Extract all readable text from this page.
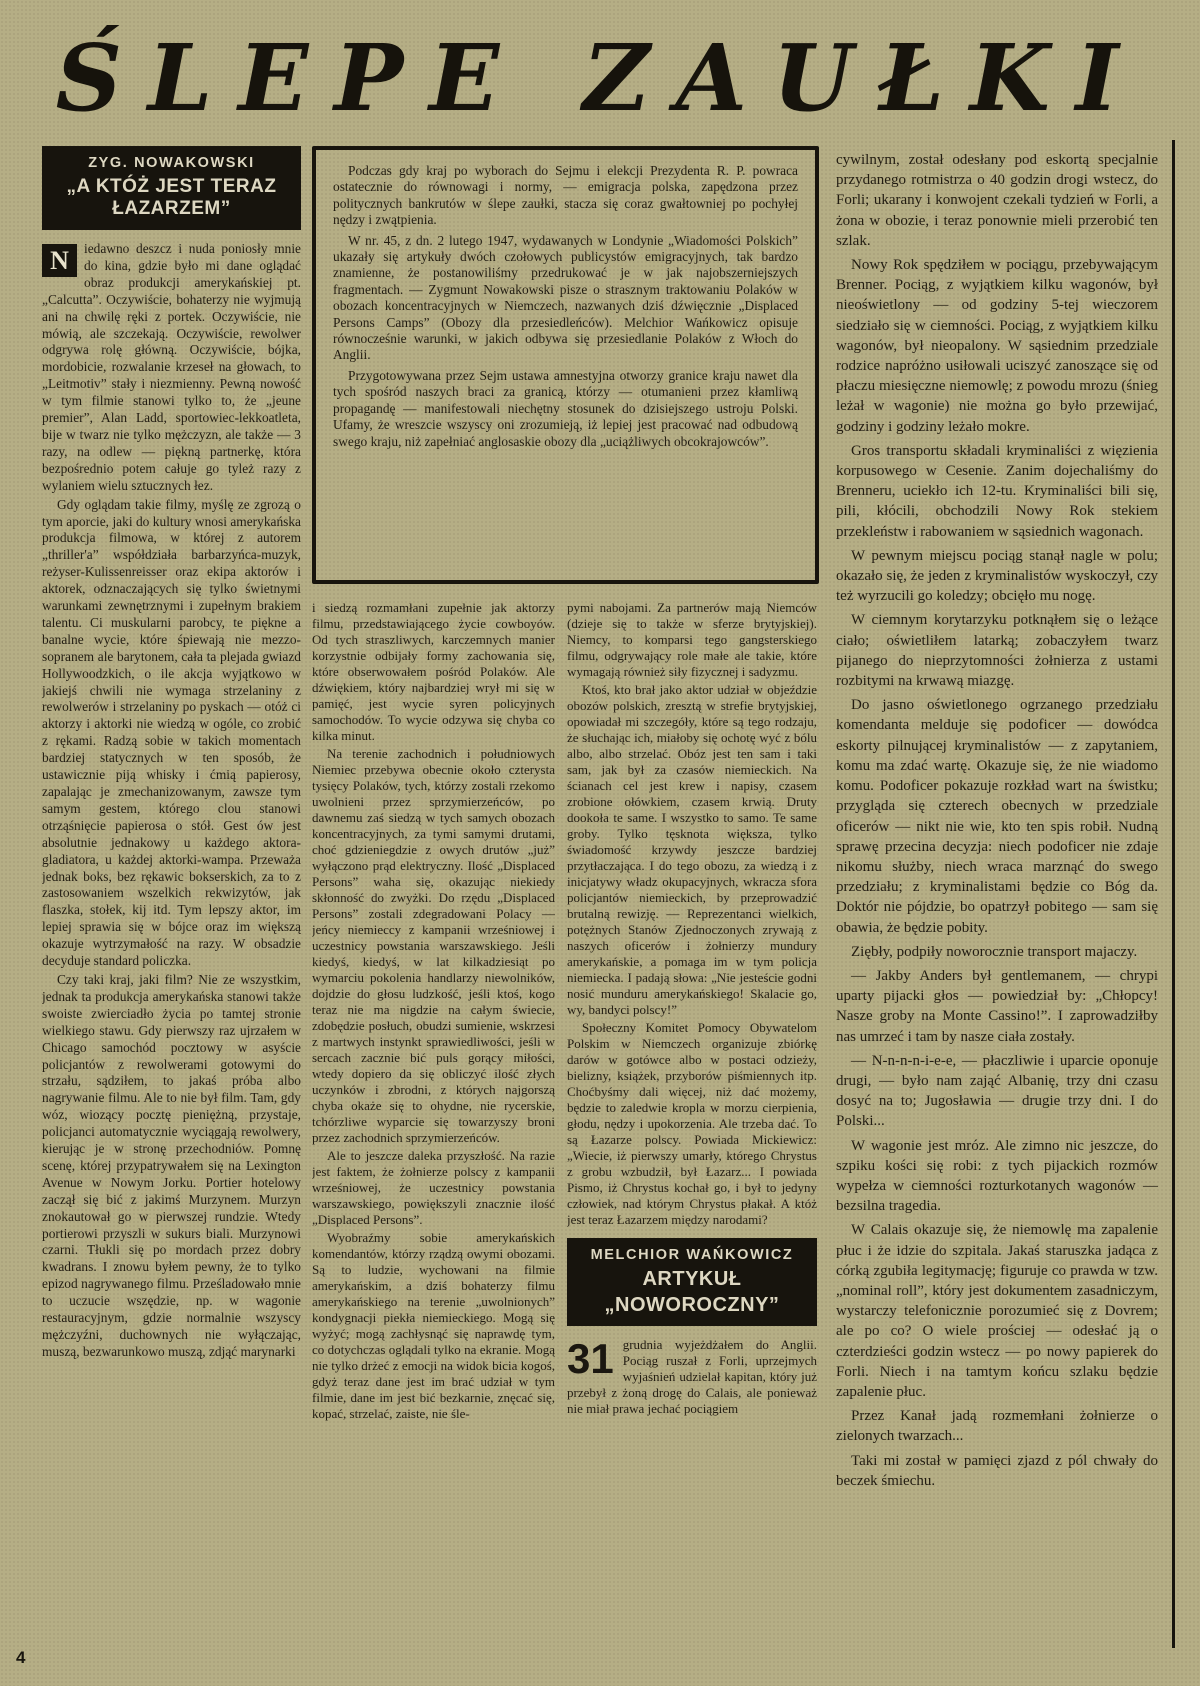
ŚLEPE ZAUŁKI
ZYG. NOWAKOWSKI
„A KTÓŻ JEST TERAZ ŁAZARZEM”
N	iedawno deszcz i nuda poniosły mnie do kina, gdzie było mi dane oglądać obraz produkcji amerykańskiej pt. „Calcutta”. Oczywiście, bohaterzy nie wyjmują ani na chwilę ręki z portek. Oczywiście, nie mówią, ale szczekają. Oczywiście, rewolwer odgrywa rolę główną. Oczywiście, bójka, mordobicie, rozwalanie krzeseł na głowach, to „Leitmotiv” stały i niezmienny. Pewną nowość w tym filmie stanowi tylko to, że „jeune premier”, Alan Ladd, sportowiec-lekkoatleta, bije w twarz nie tylko mężczyzn, ale także — 3 razy, na odlew — piękną partnerkę, która bezpośrednio potem całuje go tyleż razy z wylaniem wielu sztucznych łez.

Gdy oglądam takie filmy, myślę ze zgrozą o tym aporcie, jaki do kultury wnosi amerykańska produkcja filmowa, w której z autorem „thriller'a” współdziała barbarzyńca-muzyk, reżyser-Kulissenreisser oraz ekipa aktorów i aktorek, odznaczających się tylko świetnymi warunkami zewnętrznymi i zupełnym brakiem talentu. Ci muskularni parobcy, te piękne a banalne wycie, które śpiewają nie mezzo-sopranem ale barytonem, cała ta plejada gwiazd Hollywoodzkich, o ile akcja wyjątkowo w jakiejś chwili nie wymaga strzelaniny z rewolwerów i strzelaniny po pyskach — otóż ci aktorzy i aktorki nie wiedzą w ogóle, co zrobić z rękami. Radzą sobie w takich momentach bardziej statycznych w ten sposób, że ustawicznie piją whisky i ćmią papierosy, zapalając je zmechanizowanym, zawsze tym samym gestem, którego clou stanowi otrząśnięcie papierosa o stół. Gest ów jest absolutnie jednakowy u każdego aktora-gladiatora, u każdej aktorki-wampa. Przeważa jednak boks, bez rękawic bokserskich, za to z zastosowaniem wszelkich rekwizytów, jak flaszka, stołek, kij itd. Tym lepszy aktor, im lepiej sprawia się w bójce oraz im większą okazuje wytrzymałość na razy. W obsadzie decyduje standard policzka.

Czy taki kraj, jaki film? Nie ze wszystkim, jednak ta produkcja amerykańska stanowi także swoiste zwierciadło życia po tamtej stronie wielkiego stawu. Gdy pierwszy raz ujrzałem w Chicago samochód pocztowy w asyście policjantów z rewolwerami gotowymi do strzału, sądziłem, to jakaś próba albo nagrywanie filmu. Ale to nie był film. Tam, gdy wóz, wiozący pocztę pieniężną, przystaje, policjanci automatycznie wyciągają rewolwery, kierując je w stronę przechodniów. Pomnę scenę, której przypatrywałem się na Lexington Avenue w Nowym Jorku. Portier hotelowy zaczął się bić z jakimś Murzynem. Murzyn znokautował go w pierwszej rundzie. Wtedy portierowi przyszli w sukurs biali. Murzynowi czarni. Tłukli się po mordach przez dobry kwadrans. I znowu byłem pewny, że to tylko epizod nagrywanego filmu. Prześladowało mnie to uczucie wszędzie, np. w wagonie restauracyjnym, gdzie normalnie wszyscy mężczyźni, duchownych nie wyłączając, muszą, bezwarunkowo muszą, zdjąć marynarki

Podczas gdy kraj po wyborach do Sejmu i elekcji Prezydenta R. P. powraca ostatecznie do równowagi i normy, — emigracja polska, zapędzona przez politycznych bankrutów w ślepe zaułki, stacza się coraz gwałtowniej po pochyłej nędzy i zwątpienia.

W nr. 45, z dn. 2 lutego 1947, wydawanych w Londynie „Wiadomości Polskich” ukazały się artykuły dwóch czołowych publicystów emigracyjnych, tak bardzo znamienne, że postanowiliśmy przedrukować je w jak najobszerniejszych fragmentach. — Zygmunt Nowakowski pisze o strasznym traktowaniu Polaków w obozach koncentracyjnych w Niemczech, nazwanych dziś dźwięcznie „Displaced Persons Camps” (Obozy dla przesiedleńców). Melchior Wańkowicz opisuje równocześnie warunki, w jakich odbywa się przesiedlanie Polaków z Włoch do Anglii.

Przygotowywana przez Sejm ustawa amnestyjna otworzy granice kraju nawet dla tych spośród naszych braci za granicą, którzy — otumanieni przez kłamliwą propagandę — manifestowali niechętny stosunek do dzisiejszego ustroju Polski. Ufamy, że wreszcie wszyscy oni zrozumieją, iż lepiej jest pracować nad odbudową swego kraju, niż zapełniać anglosaskie obozy dla „uciążliwych obcokrajowców”.

i siedzą rozmamłani zupełnie jak aktorzy filmu, przedstawiającego życie cowboyów. Od tych straszliwych, karczemnych manier korzystnie odbijały formy zachowania się, które obserwowałem pośród Polaków. Ale dźwiękiem, który najbardziej wrył mi się w pamięć, jest wycie syren policyjnych samochodów. To wycie odzywa się chyba co kilka minut.

Na terenie zachodnich i południowych Niemiec przebywa obecnie około czterysta tysięcy Polaków, tych, którzy zostali rzekomo uwolnieni przez sprzymierzeńców, po dawnemu zaś siedzą w tych samych obozach koncentracyjnych, za tymi samymi drutami, choć gdzieniegdzie z owych drutów „już” wyłączono prąd elektryczny. Ilość „Displaced Persons” waha się, okazując niekiedy skłonność do zwyżki. Do rzędu „Displaced Persons” zostali zdegradowani Polacy — jeńcy niemieccy z kampanii wrześniowej i uczestnicy powstania warszawskiego. Jeśli kiedyś, kiedyś, w lat kilkadziesiąt po wymarciu pokolenia handlarzy niewolników, dojdzie do głosu ludzkość, jeśli ktoś, kogo teraz nie ma nigdzie na całym świecie, zdobędzie posłuch, obudzi sumienie, wskrzesi z martwych instynkt sprawiedliwości, jeśli w sercach zacznie bić puls gorący miłości, wtedy dopiero da się obliczyć ilość złych uczynków i zbrodni, z których najgorszą chyba okaże się to ohydne, nie rycerskie, tchórzliwe wyparcie się towarzyszy broni przez zachodnich sprzymierzeńców.

Ale to jeszcze daleka przyszłość. Na razie jest faktem, że żołnierze polscy z kampanii wrześniowej, że uczestnicy powstania warszawskiego, powiększyli znacznie ilość „Displaced Persons”.

Wyobraźmy sobie amerykańskich komendantów, którzy rządzą owymi obozami. Są to ludzie, wychowani na filmie amerykańskim, a dziś bohaterzy filmu amerykańskiego na terenie „uwolnionych” kondygnacji piekła niemieckiego. Mogą się wyżyć; mogą zachłysnąć się naprawdę tym, co dotychczas oglądali tylko na ekranie. Mogą nie tylko drżeć z emocji na widok bicia kogoś, gdyż teraz dane jest im brać udział w tym filmie, dane im jest bić bezkarnie, znęcać się, kopać, strzelać, zaiste, nie śle-

pymi nabojami. Za partnerów mają Niemców (dzieje się to także w sferze brytyjskiej). Niemcy, to komparsi tego gangsterskiego filmu, odgrywający role małe ale takie, które wymagają również siły fizycznej i sadyzmu.

Ktoś, kto brał jako aktor udział w objeździe obozów polskich, zresztą w strefie brytyjskiej, opowiadał mi szczegóły, które są tego rodzaju, że słuchając ich, miałoby się ochotę wyć z bólu albo, albo strzelać. Obóz jest ten sam i taki sam, jak był za czasów niemieckich. Na ścianach cel jest krew i napisy, czasem zrobione ołówkiem, czasem krwią. Druty dookoła te same. I wszystko to samo. Te same groby. Tylko tęsknota większa, tylko świadomość krzywdy jeszcze bardziej przytłaczająca. I do tego obozu, za wiedzą i z inicjatywy władz okupacyjnych, wkracza sfora policjantów niemieckich, by przeprowadzić brutalną rewizję. — Reprezentanci wielkich, potężnych Stanów Zjednoczonych zrywają z naszych oficerów i żołnierzy mundury amerykańskie, a pomaga im w tym policja niemiecka. I padają słowa: „Nie jesteście godni nosić munduru amerykańskiego! Skalacie go, wy, bandyci polscy!”

Społeczny Komitet Pomocy Obywatelom Polskim w Niemczech organizuje zbiórkę darów w gotówce albo w postaci odzieży, bielizny, książek, przyborów piśmiennych itp. Choćbyśmy dali więcej, niż dać możemy, będzie to zaledwie kropla w morzu cierpienia, głodu, nędzy i upokorzenia. Ale trzeba dać. To są Łazarze polscy. Powiada Mickiewicz: „Wiecie, iż pierwszy umarły, którego Chrystus z grobu wzbudził, był Łazarz... I powiada Pismo, iż Chrystus kochał go, i był to jedyny człowiek, nad którym Chrystus płakał. A któż jest teraz Łazarzem między narodami?

MELCHIOR WAŃKOWICZ
ARTYKUŁ
„NOWOROCZNY”
31 grudnia wyjeżdżałem do Anglii. Pociąg ruszał z Forli, uprzejmych wyjaśnień udzielał kapitan, który już przebył z żoną drogę do Calais, ale ponieważ nie miał prawa jechać pociągiem

cywilnym, został odesłany pod eskortą specjalnie przydanego rotmistrza o 40 godzin drogi wstecz, do Forli; ukarany i konwojent czekali tydzień w Forli, a żona w obozie, i teraz ponownie mieli przerobić ten szlak.

Nowy Rok spędziłem w pociągu, przebywającym Brenner. Pociąg, z wyjątkiem kilku wagonów, był nieoświetlony — od godziny 5-tej wieczorem siedziało się w ciemności. Pociąg, z wyjątkiem kilku wagonów, był nieopalony. W sąsiednim przedziale rodzice napróżno usiłowali uciszyć zanoszące się od płaczu miesięczne niemowlę; z powodu mrozu (śnieg leżał w wagonie) nie można go było przewijać, godziny i godziny leżało mokre.

Gros transportu składali kryminaliści z więzienia korpusowego w Cesenie. Zanim dojechaliśmy do Brenneru, uciekło ich 12-tu. Kryminaliści bili się, pili, kłócili, obchodzili Nowy Rok stekiem przekleństw i rabowaniem w sąsiednich wagonach.

W pewnym miejscu pociąg stanął nagle w polu; okazało się, że jeden z kryminalistów wyskoczył, czy też wyrzucili go koledzy; obcięło mu nogę.

W ciemnym korytarzyku potknąłem się o leżące ciało; oświetliłem latarką; zobaczyłem twarz pijanego do nieprzytomności żołnierza z ustami rozbitymi na krwawą miazgę.

Do jasno oświetlonego ogrzanego przedziału komendanta melduje się podoficer — dowódca eskorty pilnującej kryminalistów — z zapytaniem, komu ma zdać wartę. Okazuje się, że nie wiadomo komu. Podoficer pokazuje rozkład wart na świstku; przygląda się czterech obecnych w przedziale oficerów — nikt nie wie, kto ten spis robił. Nudną sprawę przecina decyzja: niech podoficer nie zdaje nikomu służby, niech wraca marznąć do swego przedziału; z kryminalistami będzie co Bóg da. Doktór nie pójdzie, bo opatrzył pobitego — sam się obawia, że będzie pobity.

Ziębły, podpiły noworocznie transport majaczy.

— Jakby Anders był gentlemanem, — chrypi uparty pijacki głos — powiedział by: „Chłopcy! Nasze groby na Monte Cassino!”. I zaprowadziłby nas umrzeć i tam by nasze ciała zostały.

— N-n-n-n-i-e-e, — płaczliwie i uparcie oponuje drugi, — było nam zająć Albanię, trzy dni czasu dosyć na to; Jugosławia — drugie trzy dni. I do Polski...

W wagonie jest mróz. Ale zimno nic jeszcze, do szpiku kości się robi: z tych pijackich rozmów wypełza w ciemności rozturkotanych wagonów — bezsilna tragedia.

W Calais okazuje się, że niemowlę ma zapalenie płuc i że idzie do szpitala. Jakaś staruszka jadąca z córką zgubiła legitymację; figuruje co prawda w tzw. „nominal roll”, który jest dokumentem zasadniczym, wystarczy telefonicznie porozumieć się z Dovrem; ale po co? O wiele prościej — odesłać ją o czterdzieści godzin wstecz — po nowy papierek do Forli. Niech i na tamtym końcu szlaku będzie zapalenie płuc.

Przez Kanał jadą rozmemłani żołnierze o zielonych twarzach...

Taki mi został w pamięci zjazd z pól chwały do beczek śmiechu.

4
